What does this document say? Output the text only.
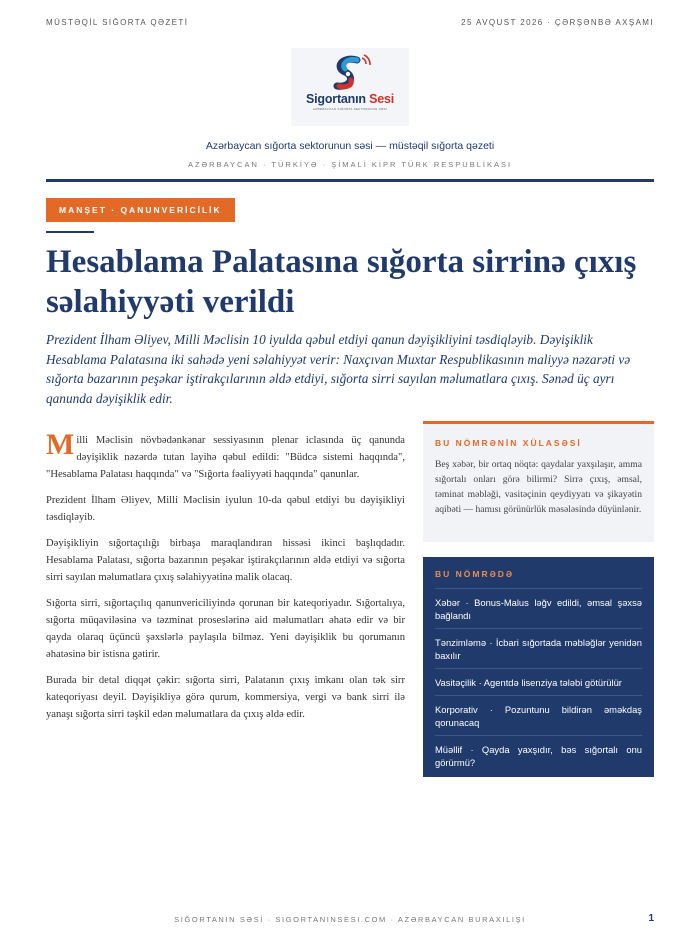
MÜSTƏQİL SIĞORTA QƏZETİ	25 AVQUST 2026 · ÇƏRŞƏNBƏ AXŞAMI
Sigortanın Sesi
AZƏRBAYCAN SIĞORTA SEKTORUNUN SƏSİ
Azərbaycan sığorta sektorunun səsi — müstəqil sığorta qəzeti
AZƏRBAYCAN · TÜRKİYƏ · ŞİMALİ KİPR TÜRK RESPUBLİKASI
MANŞET · QANUNVERİCİLİK
Hesablama Palatasına sığorta sirrinə çıxış səlahiyyəti verildi

Prezident İlham Əliyev, Milli Məclisin 10 iyulda qəbul etdiyi qanun dəyişikliyini təsdiqləyib. Dəyişiklik Hesablama Palatasına iki sahədə yeni səlahiyyət verir: Naxçıvan Muxtar Respublikasının maliyyə nəzarəti və sığorta bazarının peşəkar iştirakçılarının əldə etdiyi, sığorta sirri sayılan məlumatlara çıxış. Sənəd üç ayrı qanunda dəyişiklik edir.

Milli Məclisin növbədənkənar sessiyasının plenar iclasında üç qanunda dəyişiklik nəzərdə tutan layihə qəbul edildi: "Büdcə sistemi haqqında", "Hesablama Palatası haqqında" və "Sığorta fəaliyyəti haqqında" qanunlar.

Prezident İlham Əliyev, Milli Məclisin iyulun 10-da qəbul etdiyi bu dəyişikliyi təsdiqləyib.

Dəyişikliyin sığortaçılığı birbaşa maraqlandıran hissəsi ikinci başlıqdadır. Hesablama Palatası, sığorta bazarının peşəkar iştirakçılarının əldə etdiyi və sığorta sirri sayılan məlumatlara çıxış səlahiyyətinə malik olacaq.

Sığorta sirri, sığortaçılıq qanunvericiliyində qorunan bir kateqoriyadır. Sığortalıya, sığorta müqaviləsinə və təzminat proseslərinə aid məlumatları əhatə edir və bir qayda olaraq üçüncü şəxslərlə paylaşıla bilməz. Yeni dəyişiklik bu qorumanın əhatəsinə bir istisna gətirir.

Burada bir detal diqqət çəkir: sığorta sirri, Palatanın çıxış imkanı olan tək sirr kateqoriyası deyil. Dəyişikliyə görə qurum, kommersiya, vergi və bank sirri ilə yanaşı sığorta sirri təşkil edən məlumatlara da çıxış əldə edir.

BU NÖMRƏNİN XÜLASƏSİ
Beş xəbər, bir ortaq nöqtə: qaydalar yaxşılaşır, amma sığortalı onları görə bilirmi? Sirrə çıxış, əmsal, təminat məbləği, vasitəçinin qeydiyyatı və şikayətin aqibəti — hamısı görünürlük məsələsində düyünlənir.
BU NÖMRƏDƏ
Xəbər · Bonus-Malus ləğv edildi, əmsal şəxsə bağlandı
Tənzimləmə · İcbari sığortada məbləğlər yenidən baxılır
Vasitəçilik · Agentdə lisenziya tələbi götürülür
Korporativ · Pozuntunu bildirən əməkdaş qorunacaq
Müəllif · Qayda yaxşıdır, bəs sığortalı onu görürmü?
SIĞORTANIN SƏSİ · SIGORTANINSESI.COM · AZƏRBAYCAN BURAXILIŞI	1
